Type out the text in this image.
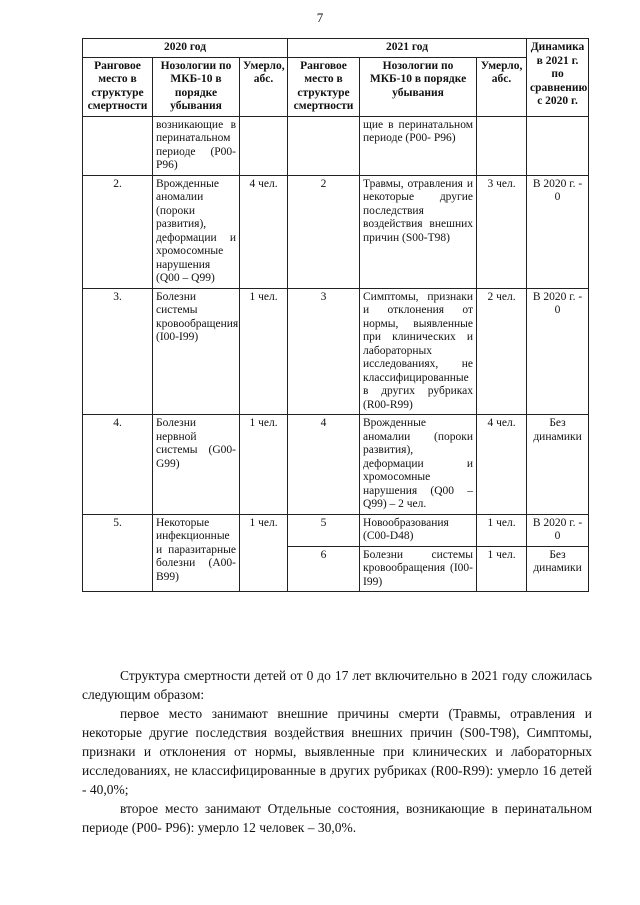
7
2020 год			2021 год			Динамика в 2021 г. по сравнению с 2020 г.
Ранговое место в структуре смертности	Нозологии по МКБ-10 в порядке убывания	Умерло, абс.	Ранговое место в структуре смертности	Нозологии по МКБ-10 в порядке убывания	Умерло, абс.	
	возникающие в перинатальном периоде (P00- P96)			щие в перинатальном периоде (P00- P96)		
2.	Врожденные аномалии (пороки развития), деформации и хромосомные нарушения (Q00 – Q99)	4 чел.	2	Травмы, отравления и некоторые другие последствия воздействия внешних причин (S00-T98)	3 чел.	В 2020 г. - 0
3.	Болезни системы кровообращения (I00-I99)	1 чел.	3	Симптомы, признаки и отклонения от нормы, выявленные при клинических и лабораторных исследованиях, не классифицированные в других рубриках (R00-R99)	2 чел.	В 2020 г. - 0
4.	Болезни нервной системы (G00-G99)	1 чел.	4	Врожденные аномалии (пороки развития), деформации и хромосомные нарушения (Q00 – Q99) – 2 чел.	4 чел.	Без динамики
5.	Некоторые инфекционные и паразитарные болезни (A00-B99)	1 чел.	5	Новообразования (C00-D48)	1 чел.	В 2020 г. - 0
			6	Болезни системы кровообращения (I00-I99)	1 чел.	Без динамики

Структура смертности детей от 0 до 17 лет включительно в 2021 году сложилась следующим образом:

первое место занимают внешние причины смерти (Травмы, отравления и некоторые другие последствия воздействия внешних причин (S00-T98), Симптомы, признаки и отклонения от нормы, выявленные при клинических и лабораторных исследованиях, не классифицированные в других рубриках (R00-R99): умерло 16 детей - 40,0%;

второе место занимают Отдельные состояния, возникающие в перинатальном периоде (P00- P96): умерло 12 человек – 30,0%.
